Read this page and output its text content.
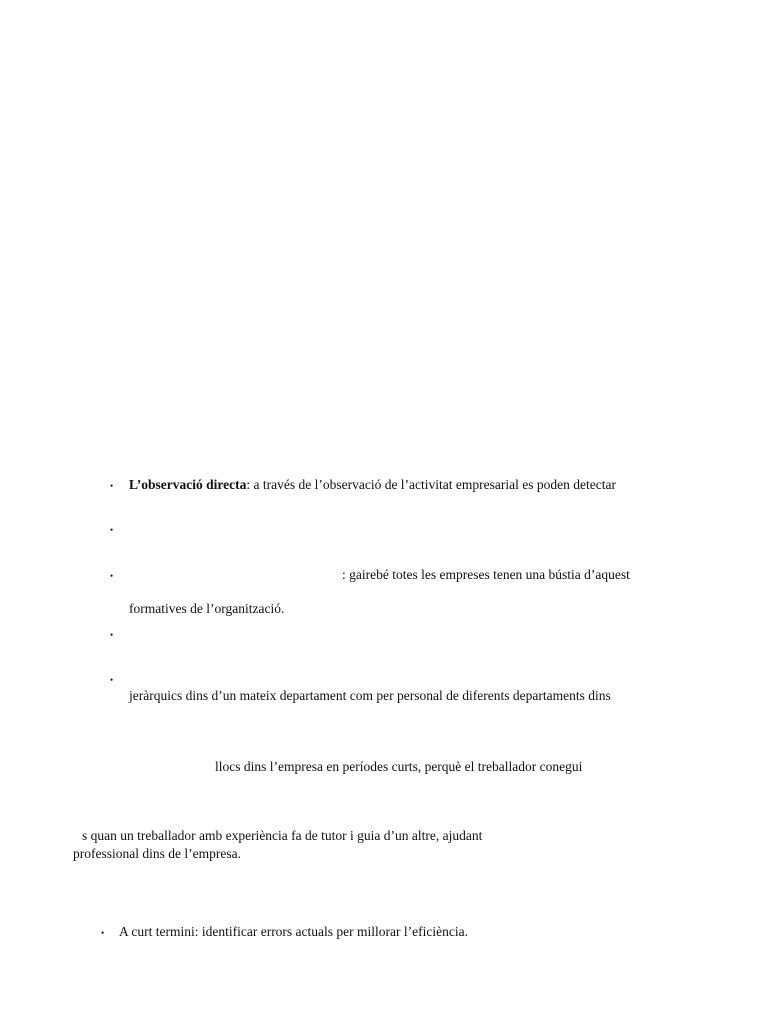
• L’observació directa: a través de l’observació de l’activitat empresarial es poden detectar
•
•	: gairebé totes les empreses tenen una bústia d’aquest
formatives de l’organització.
•
•
jeràrquics dins d’un mateix departament com per personal de diferents departaments dins
llocs dins l’empresa en períodes curts, perquè el treballador conegui
s quan un treballador amb experiència fa de tutor i guia d’un altre, ajudant
professional dins de l’empresa.
• A curt termini: identificar errors actuals per millorar l’eficiència.
